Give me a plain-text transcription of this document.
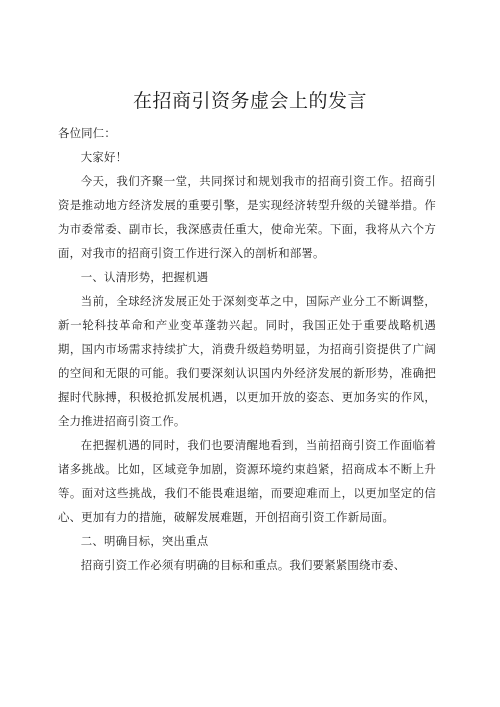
在招商引资务虚会上的发言

各位同仁：

大家好！

今天，我们齐聚一堂，共同探讨和规划我市的招商引资工作。招商引资是推动地方经济发展的重要引擎，是实现经济转型升级的关键举措。作为市委常委、副市长，我深感责任重大，使命光荣。下面，我将从六个方面，对我市的招商引资工作进行深入的剖析和部署。

一、认清形势，把握机遇

当前，全球经济发展正处于深刻变革之中，国际产业分工不断调整，新一轮科技革命和产业变革蓬勃兴起。同时，我国正处于重要战略机遇期，国内市场需求持续扩大，消费升级趋势明显，为招商引资提供了广阔的空间和无限的可能。我们要深刻认识国内外经济发展的新形势，准确把握时代脉搏，积极抢抓发展机遇，以更加开放的姿态、更加务实的作风，全力推进招商引资工作。

在把握机遇的同时，我们也要清醒地看到，当前招商引资工作面临着诸多挑战。比如，区域竞争加剧，资源环境约束趋紧，招商成本不断上升等。面对这些挑战，我们不能畏难退缩，而要迎难而上，以更加坚定的信心、更加有力的措施，破解发展难题，开创招商引资工作新局面。

二、明确目标，突出重点

招商引资工作必须有明确的目标和重点。我们要紧紧围绕市委、
